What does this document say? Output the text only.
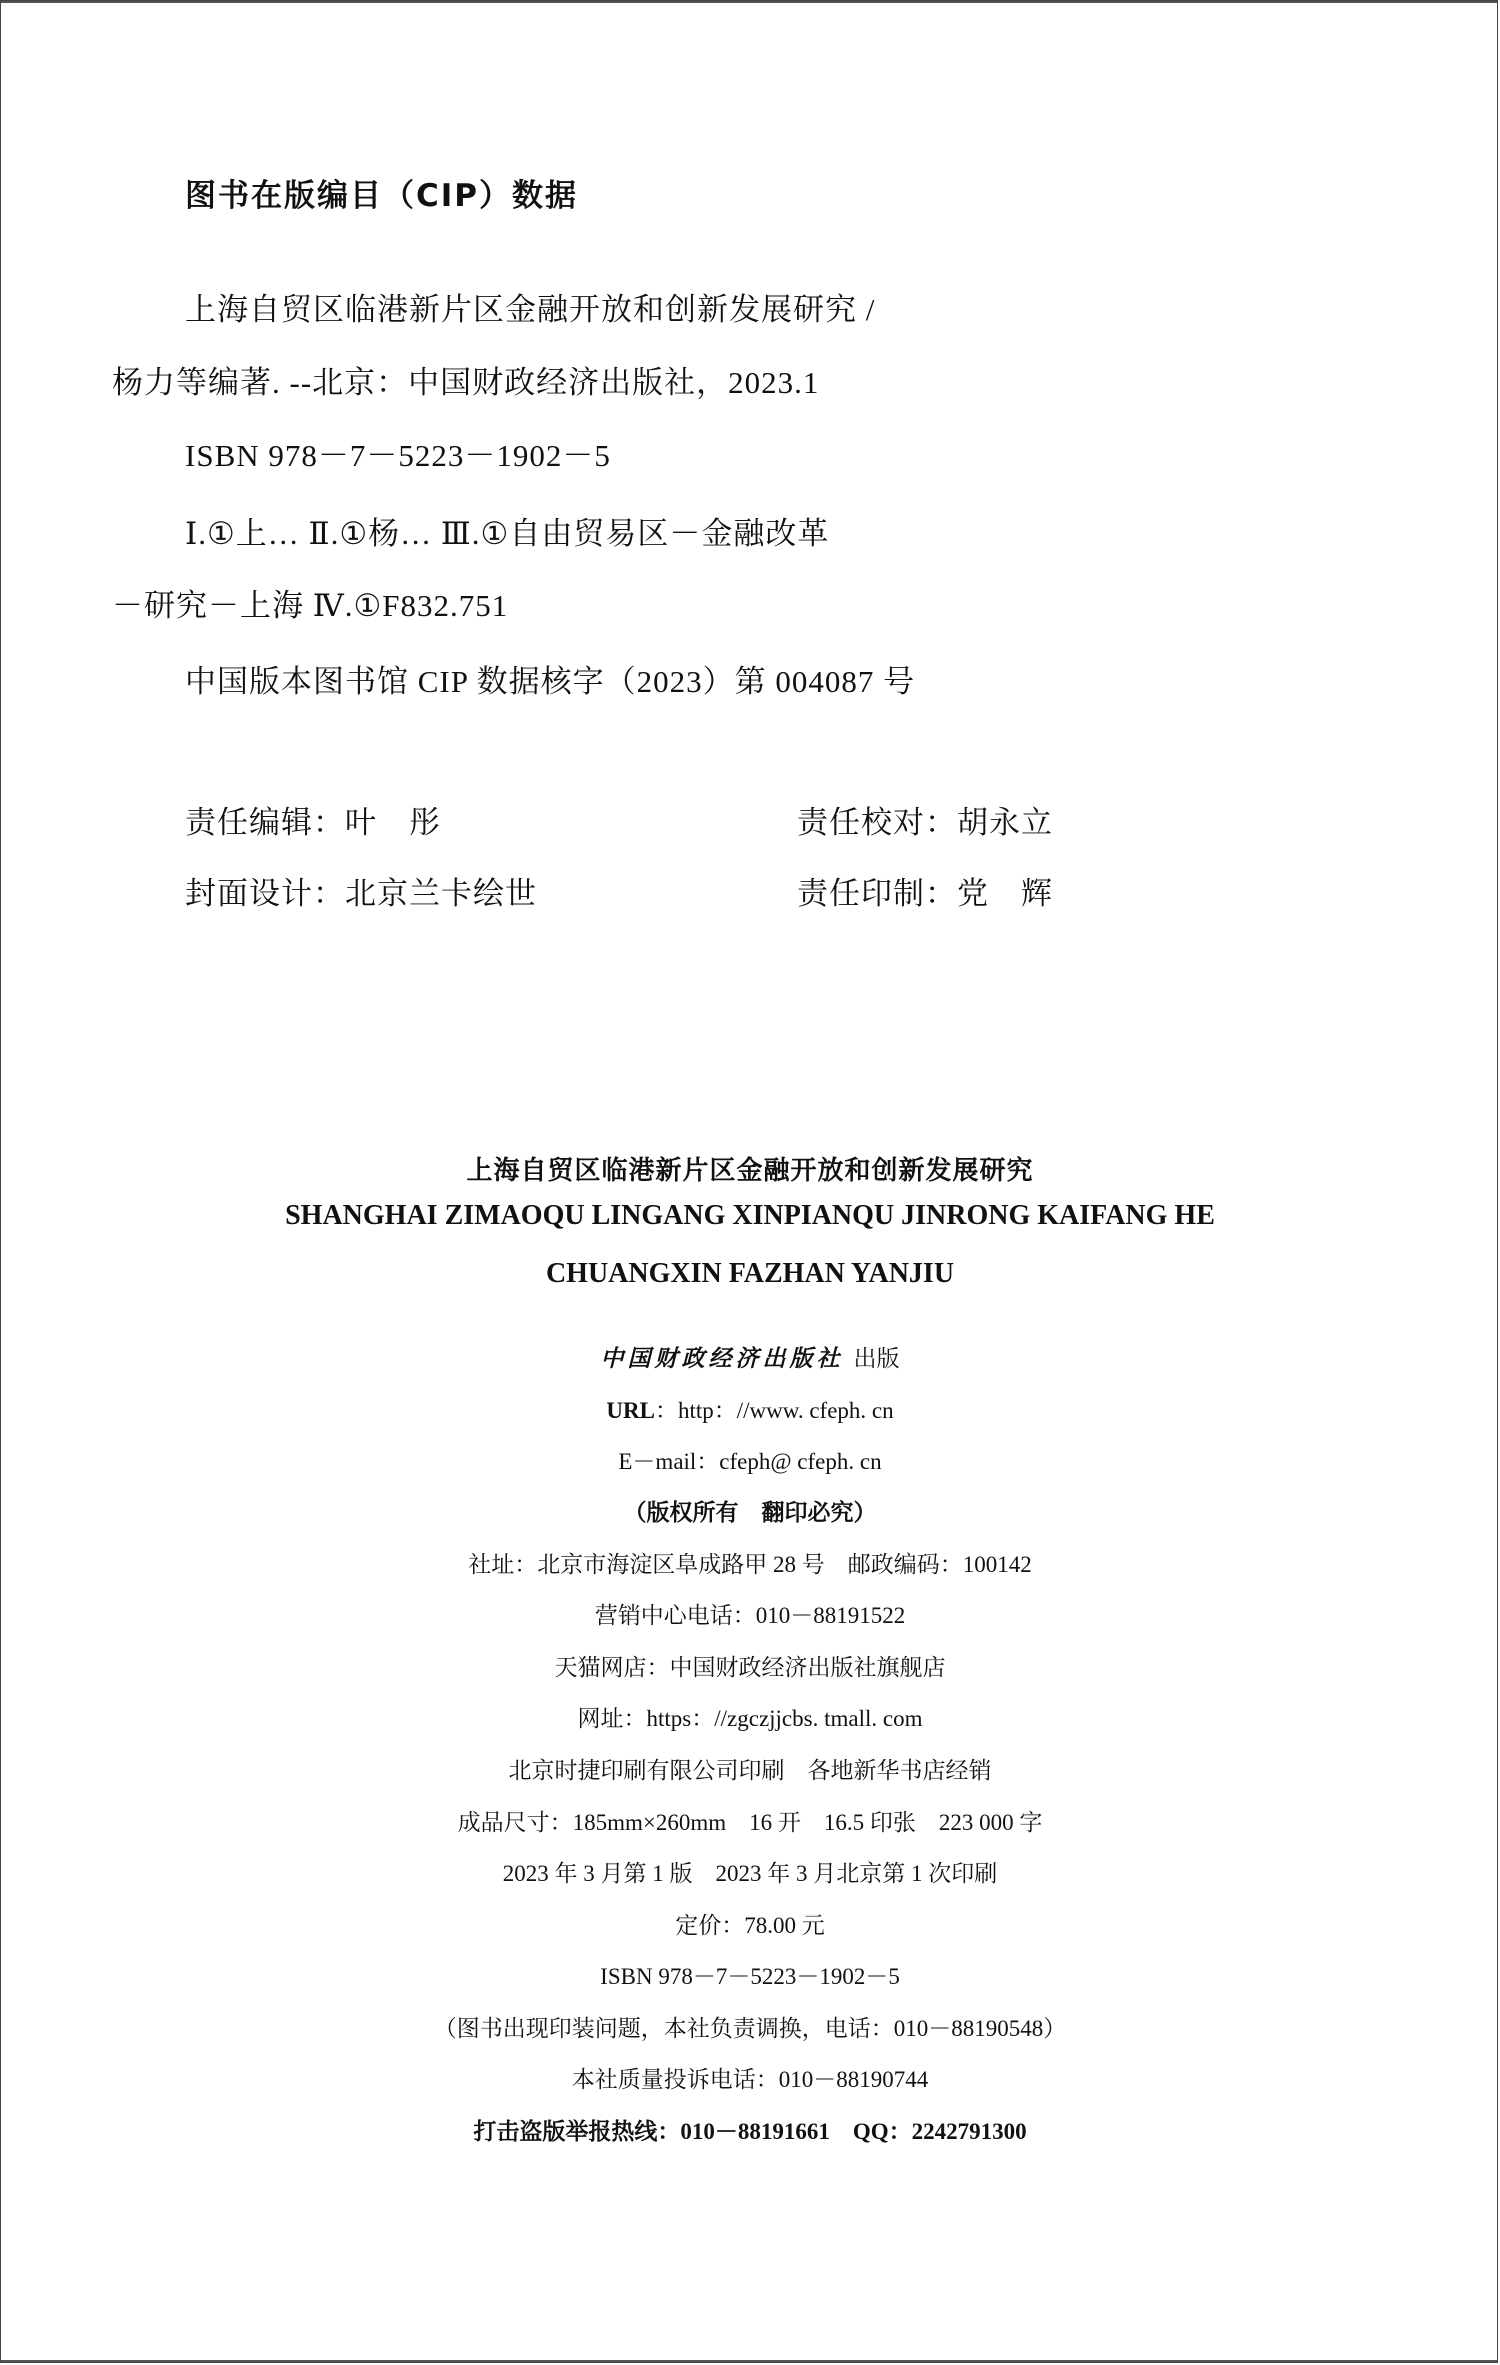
图书在版编目（CIP）数据
上海自贸区临港新片区金融开放和创新发展研究 /
杨力等编著. --北京：中国财政经济出版社，2023.1
ISBN 978－7－5223－1902－5
Ⅰ.①上… Ⅱ.①杨… Ⅲ.①自由贸易区－金融改革
－研究－上海 Ⅳ.①F832.751
中国版本图书馆 CIP 数据核字（2023）第 004087 号
责任编辑：叶　彤	责任校对：胡永立
封面设计：北京兰卡绘世	责任印制：党　辉
上海自贸区临港新片区金融开放和创新发展研究
SHANGHAI ZIMAOQU LINGANG XINPIANQU JINRONG KAIFANG HE
CHUANGXIN FAZHAN YANJIU
中国财政经济出版社 出版
URL：http：//www. cfeph. cn
E－mail：cfeph@ cfeph. cn
（版权所有　翻印必究）
社址：北京市海淀区阜成路甲 28 号　邮政编码：100142
营销中心电话：010－88191522
天猫网店：中国财政经济出版社旗舰店
网址：https：//zgczjjcbs. tmall. com
北京时捷印刷有限公司印刷　各地新华书店经销
成品尺寸：185mm×260mm　16 开　16.5 印张　223 000 字
2023 年 3 月第 1 版　2023 年 3 月北京第 1 次印刷
定价：78.00 元
ISBN 978－7－5223－1902－5
（图书出现印装问题，本社负责调换，电话：010－88190548）
本社质量投诉电话：010－88190744
打击盗版举报热线：010－88191661　QQ：2242791300
